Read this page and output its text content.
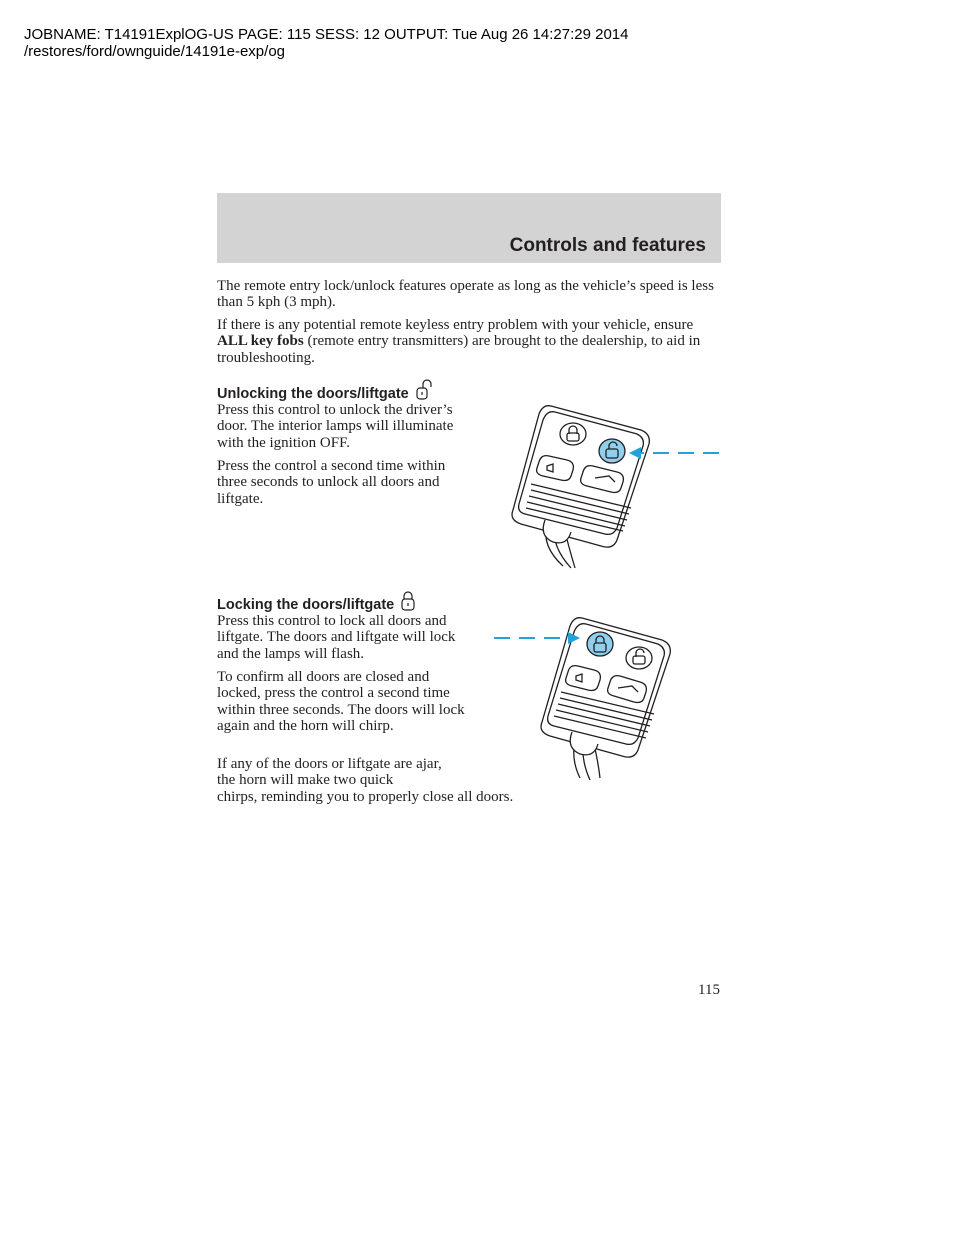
JOBNAME: T14191ExplOG-US PAGE: 115 SESS: 12 OUTPUT: Tue Aug 26 14:27:29 2014
/restores/ford/ownguide/14191e-exp/og
Controls and features
The remote entry lock/unlock features operate as long as the vehicle’s speed is less than 5 kph (3 mph).
If there is any potential remote keyless entry problem with your vehicle, ensure ALL key fobs (remote entry transmitters) are brought to the dealership, to aid in troubleshooting.
Unlocking the doors/liftgate
Press this control to unlock the driver’s door. The interior lamps will illuminate with the ignition OFF.
Press the control a second time within three seconds to unlock all doors and liftgate.
Locking the doors/liftgate
Press this control to lock all doors and liftgate. The doors and liftgate will lock and the lamps will flash.
To confirm all doors are closed and locked, press the control a second time within three seconds. The doors will lock again and the horn will chirp.
If any of the doors or liftgate are ajar, the horn will make two quick
chirps, reminding you to properly close all doors.
115
